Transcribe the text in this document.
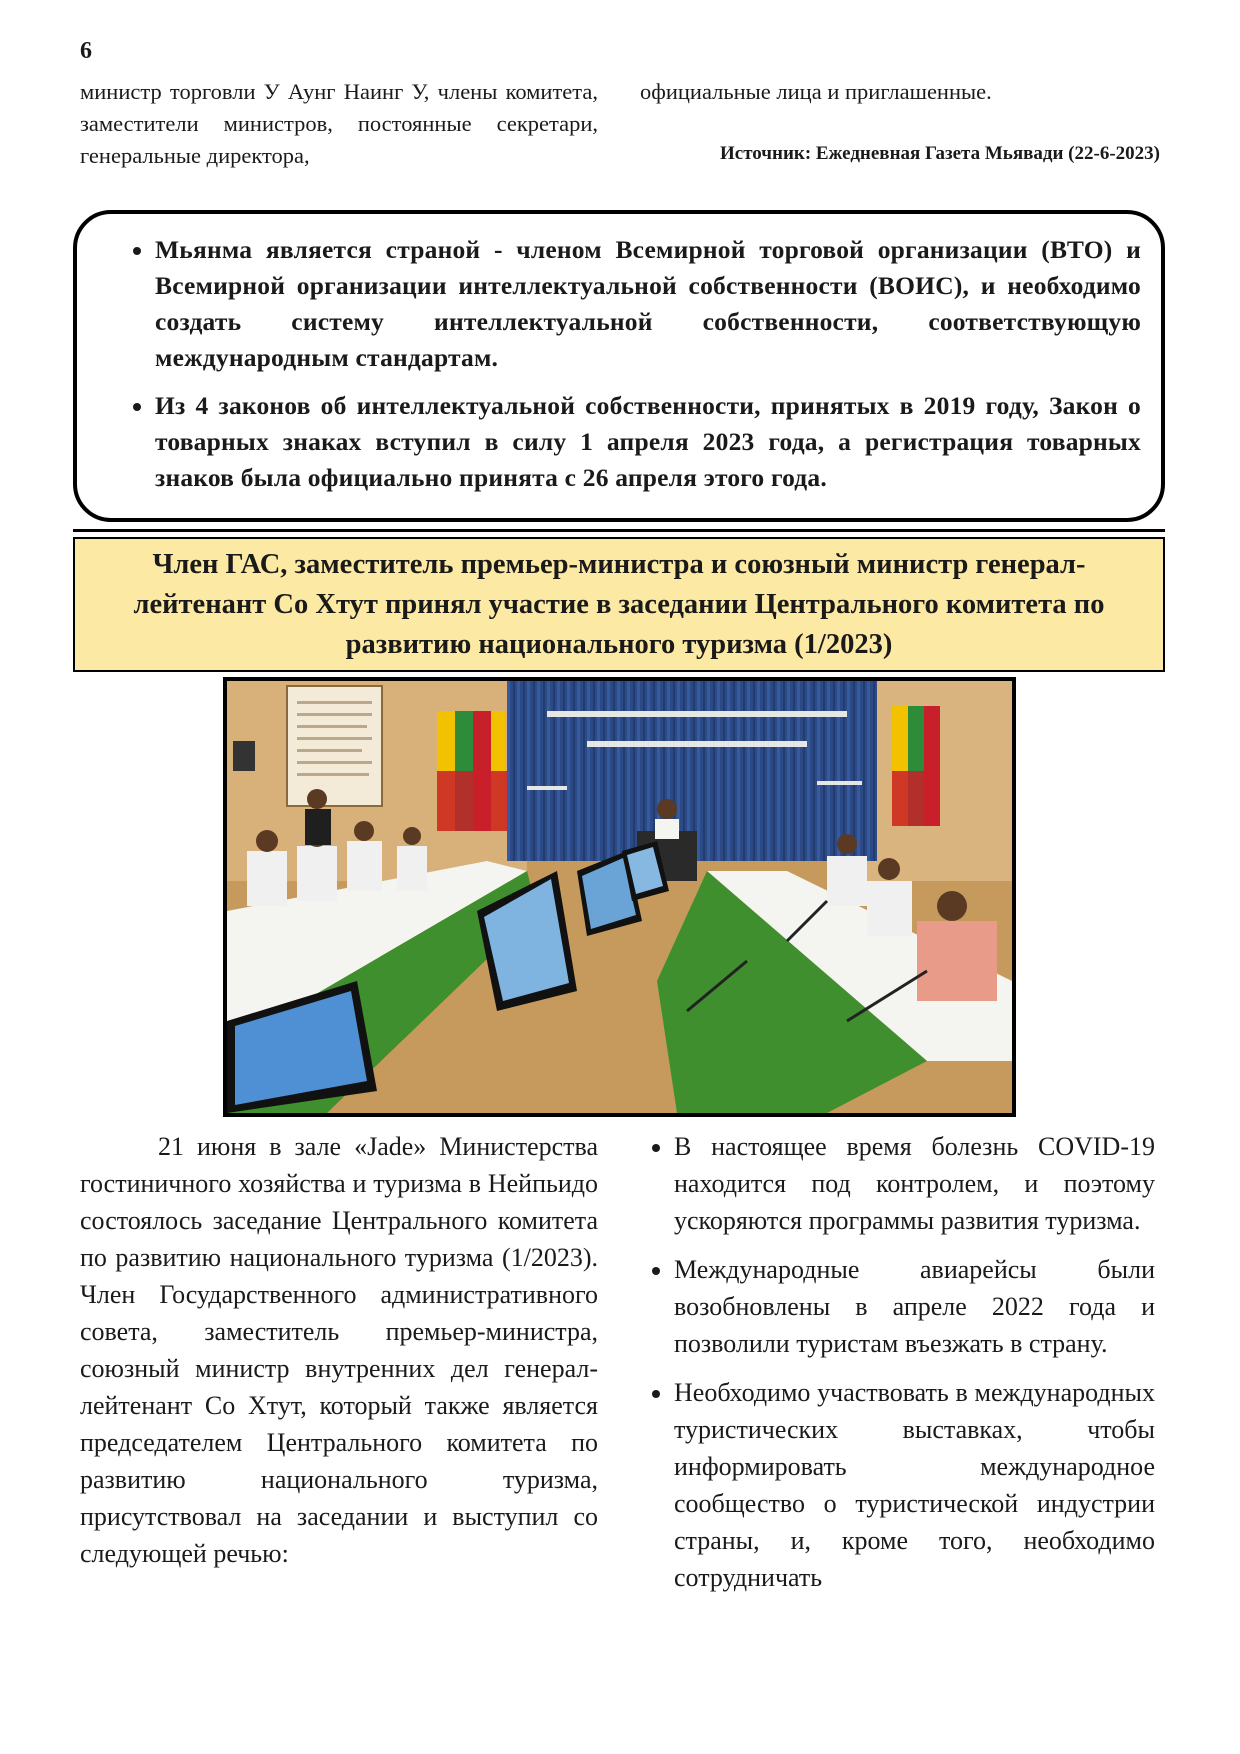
6
министр торговли У Аунг Наинг У, члены комитета, заместители министров, постоянные секретари, генеральные директора,
официальные лица и приглашенные.
Источник: Ежедневная Газета Мьявади (22-6-2023)
• Мьянма является страной - членом Всемирной торговой организации (ВТО) и Всемирной организации интеллектуальной собственности (ВОИС), и необходимо создать систему интеллектуальной собственности, соответствующую международным стандартам.
• Из 4 законов об интеллектуальной собственности, принятых в 2019 году, Закон о товарных знаках вступил в силу 1 апреля 2023 года, а регистрация товарных знаков была официально принята с 26 апреля этого года.
Член ГАС, заместитель премьер-министра и союзный министр генерал-
лейтенант Со Хтут принял участие в заседании Центрального комитета по
развитию национального туризма (1/2023)
21 июня в зале «Jade» Министерства гостиничного хозяйства и туризма в Нейпьидо состоялось заседание Центрального комитета по развитию национального туризма (1/2023). Член Государственного административного совета, заместитель премьер-министра, союзный министр внутренних дел генерал-лейтенант Со Хтут, который также является председателем Центрального комитета по развитию национального туризма, присутствовал на заседании и выступил со следующей речью:
• В настоящее время болезнь COVID-19 находится под контролем, и поэтому ускоряются программы развития туризма.
• Международные авиарейсы были возобновлены в апреле 2022 года и позволили туристам въезжать в страну.
• Необходимо участвовать в международных туристических выставках, чтобы информировать международное сообщество о туристической индустрии страны, и, кроме того, необходимо сотрудничать
